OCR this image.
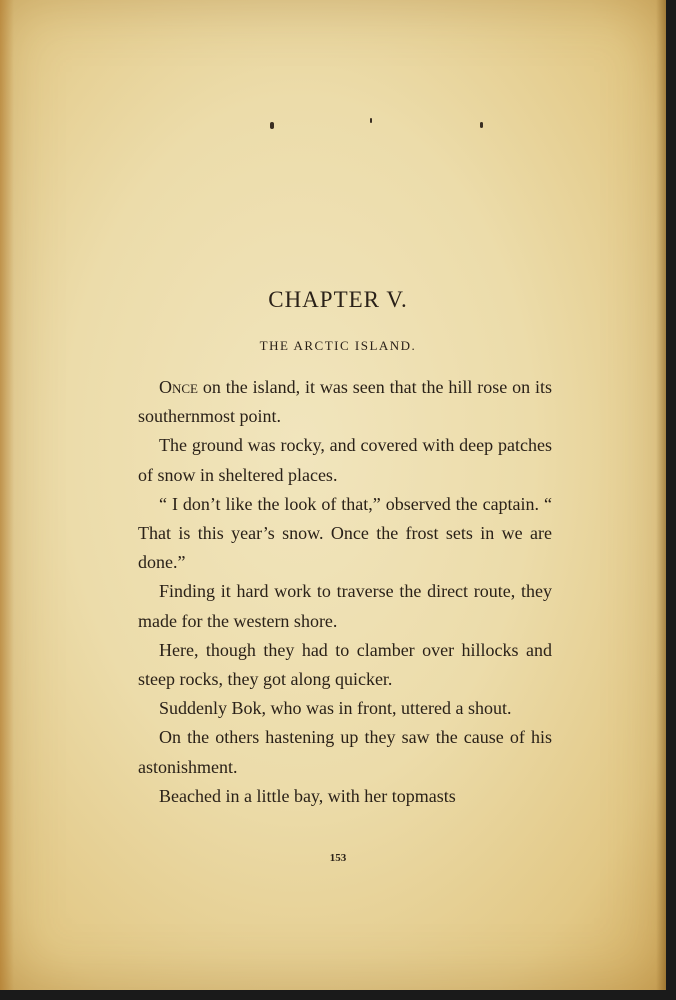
CHAPTER V.
THE ARCTIC ISLAND.

Once on the island, it was seen that the hill rose on its southernmost point.

The ground was rocky, and covered with deep patches of snow in sheltered places.

“ I don’t like the look of that,” observed the captain. “ That is this year’s snow. Once the frost sets in we are done.”

Finding it hard work to traverse the direct route, they made for the western shore.

Here, though they had to clamber over hillocks and steep rocks, they got along quicker.

Suddenly Bok, who was in front, uttered a shout.

On the others hastening up they saw the cause of his astonishment.

Beached in a little bay, with her topmasts

153
